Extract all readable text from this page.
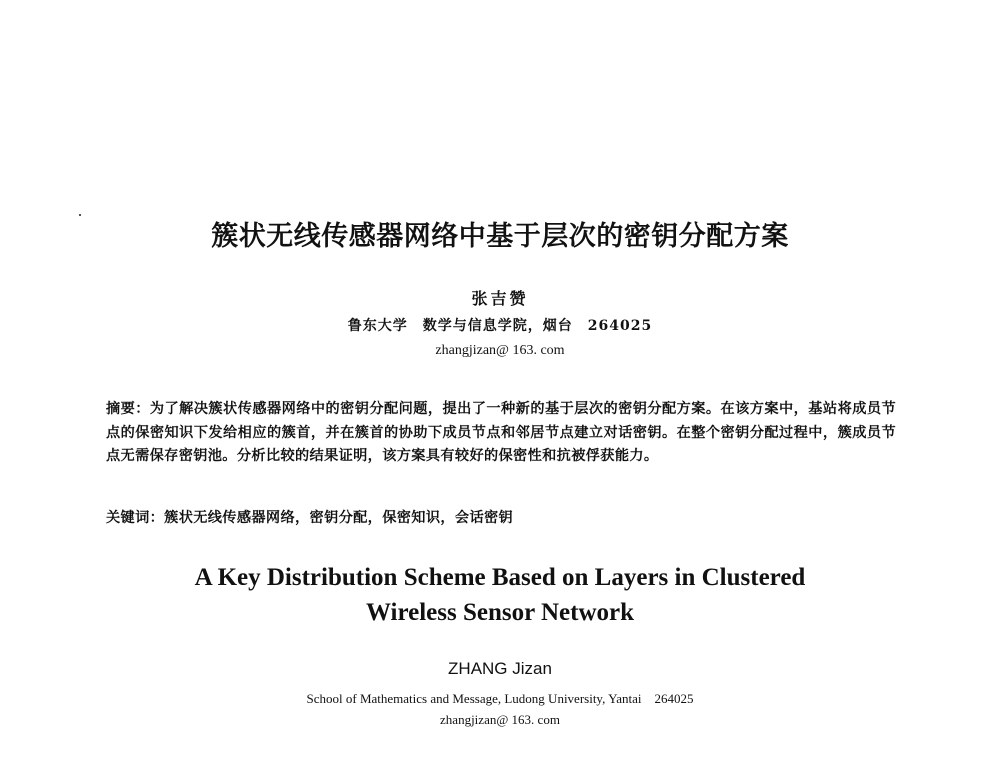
簇状无线传感器网络中基于层次的密钥分配方案
张吉赞
鲁东大学　数学与信息学院，烟台　264025
zhangjizan@ 163. com
摘要：为了解决簇状传感器网络中的密钥分配问题，提出了一种新的基于层次的密钥分配方案。在该方案中，基站将成员节点的保密知识下发给相应的簇首，并在簇首的协助下成员节点和邻居节点建立对话密钥。在整个密钥分配过程中，簇成员节点无需保存密钥池。分析比较的结果证明，该方案具有较好的保密性和抗被俘获能力。
关键词：簇状无线传感器网络，密钥分配，保密知识，会话密钥
A Key Distribution Scheme Based on Layers in Clustered
Wireless Sensor Network
ZHANG Jizan
School of Mathematics and Message, Ludong University, Yantai　264025
zhangjizan@ 163. com
